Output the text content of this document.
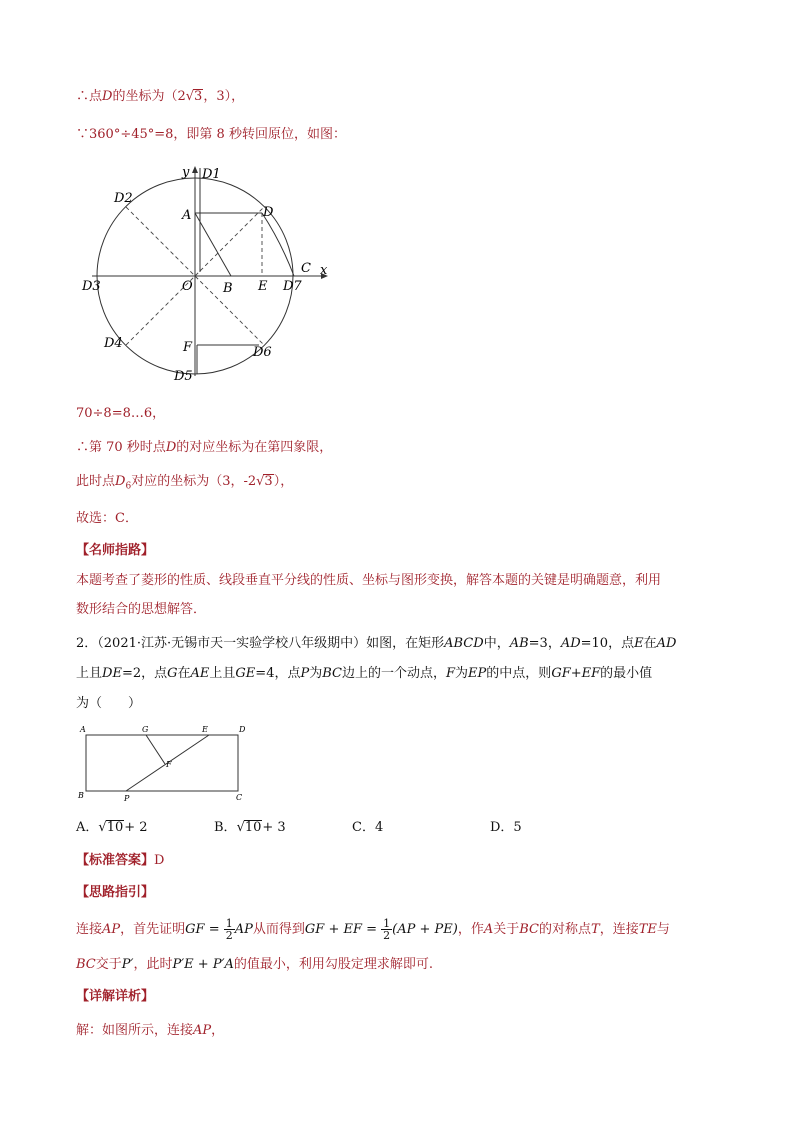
∴点D的坐标为（2√3，3），
∵360°÷45°=8，即第 8 秒转回原位，如图：
y D1
D2
A	D
D3	O B E D7
C x
D4	F	D6
D5
70÷8=8…6，
∴第 70 秒时点D的对应坐标为在第四象限，
此时点$D_6$对应的坐标为（3，-2√3），
故选：C．
【名师指路】
本题考查了菱形的性质、线段垂直平分线的性质、坐标与图形变换，解答本题的关键是明确题意，利用
数形结合的思想解答．
2．（2021·江苏·无锡市天一实验学校八年级期中）如图，在矩形ABCD中，AB=3，AD=10，点E在AD
上且DE=2，点G在AE上且GE=4，点P为BC边上的一个动点，F为EP的中点，则GF+EF的最小值
为（　　）
A	G	E	D
F
B	P	C
A．√10+ 2	B．√10+ 3	C．4	D．5
【标准答案】D
【思路指引】
连接AP，首先证明GF = $\frac{1}{2}$ AP从而得到GF + EF = $\frac{1}{2} (AP + PE)$，作A关于BC的对称点T，连接TE与
BC交于P′，此时P′E + P′A的值最小，利用勾股定理求解即可.
【详解详析】
解：如图所示，连接AP，
